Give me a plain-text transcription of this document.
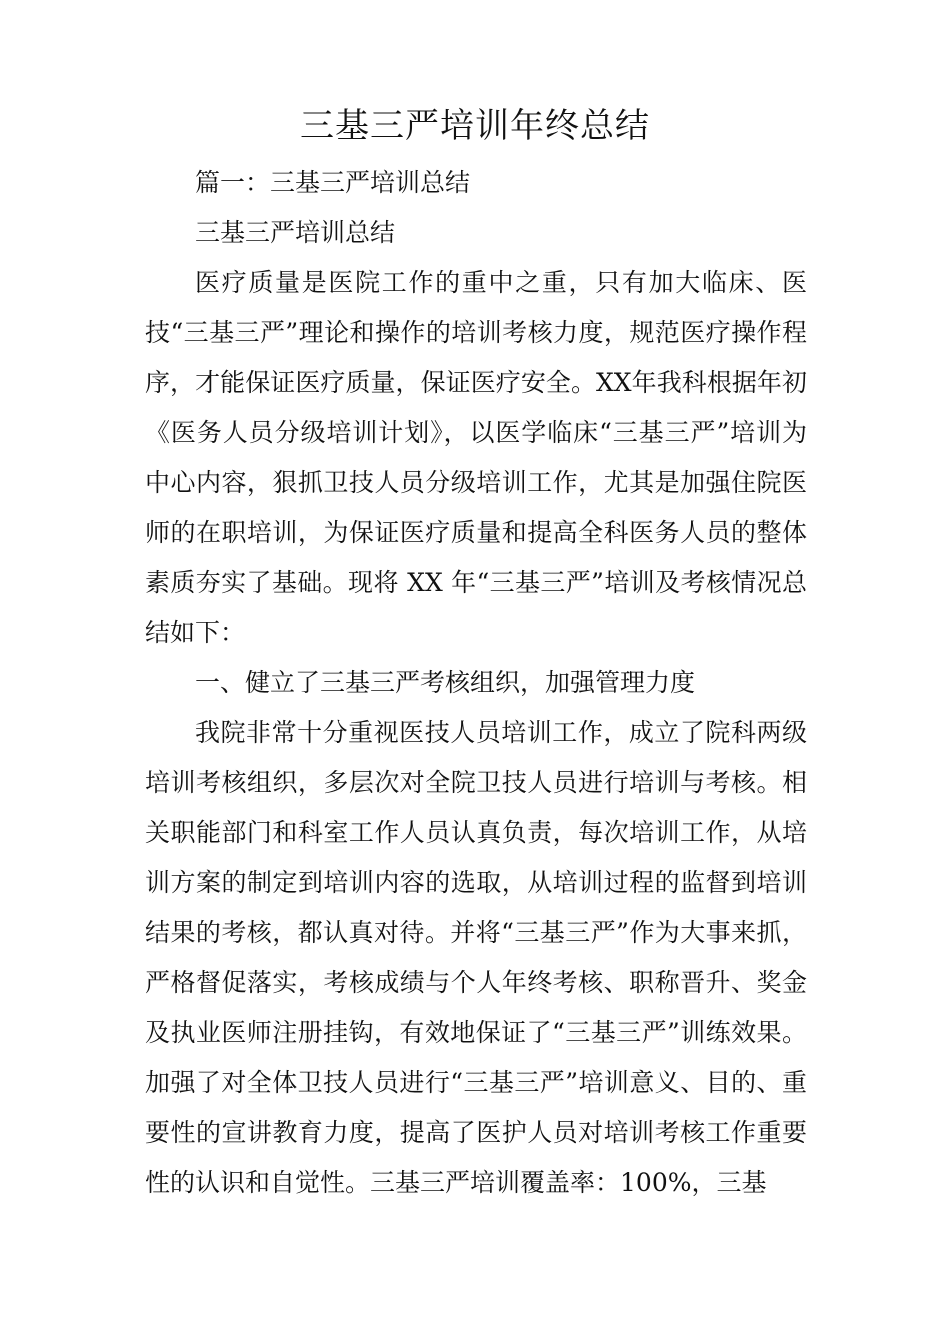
三基三严培训年终总结

篇一：三基三严培训总结

三基三严培训总结

医疗质量是医院工作的重中之重，只有加大临床、医技“三基三严”理论和操作的培训考核力度，规范医疗操作程序，才能保证医疗质量，保证医疗安全。XX年我科根据年初《医务人员分级培训计划》，以医学临床“三基三严”培训为中心内容，狠抓卫技人员分级培训工作，尤其是加强住院医师的在职培训，为保证医疗质量和提高全科医务人员的整体素质夯实了基础。现将 XX 年“三基三严”培训及考核情况总结如下：

一、健立了三基三严考核组织，加强管理力度

我院非常十分重视医技人员培训工作，成立了院科两级培训考核组织，多层次对全院卫技人员进行培训与考核。相关职能部门和科室工作人员认真负责，每次培训工作，从培训方案的制定到培训内容的选取，从培训过程的监督到培训结果的考核，都认真对待。并将“三基三严”作为大事来抓，严格督促落实，考核成绩与个人年终考核、职称晋升、奖金及执业医师注册挂钩，有效地保证了“三基三严”训练效果。加强了对全体卫技人员进行“三基三严”培训意义、目的、重要性的宣讲教育力度，提高了医护人员对培训考核工作重要性的认识和自觉性。三基三严培训覆盖率：100%，三基
